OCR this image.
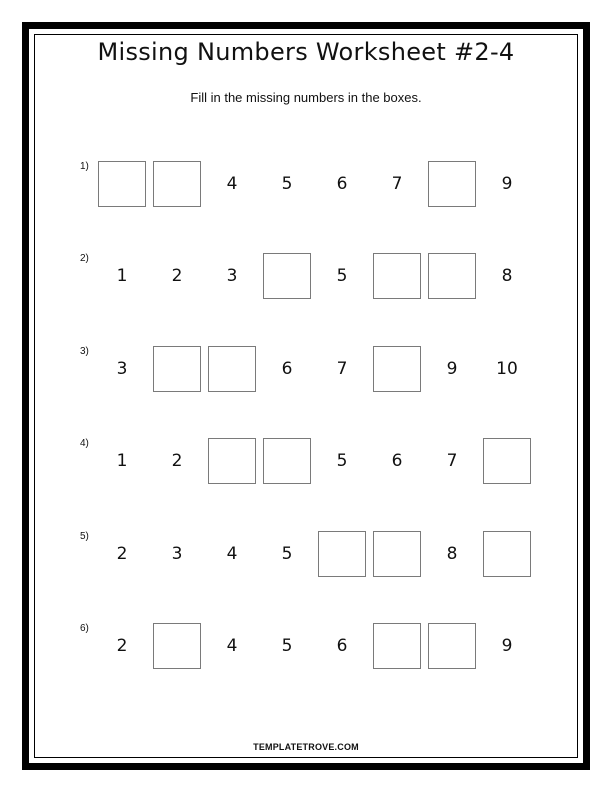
Missing Numbers Worksheet #2-4
Fill in the missing numbers in the boxes.
1)
4	5	6	7	9
2)
1	2	3	5	8
3)
3	6	7	9	10
4)
1	2	5	6	7
5)
2	3	4	5	8
6)
2	4	5	6	9
TEMPLATETROVE.COM
